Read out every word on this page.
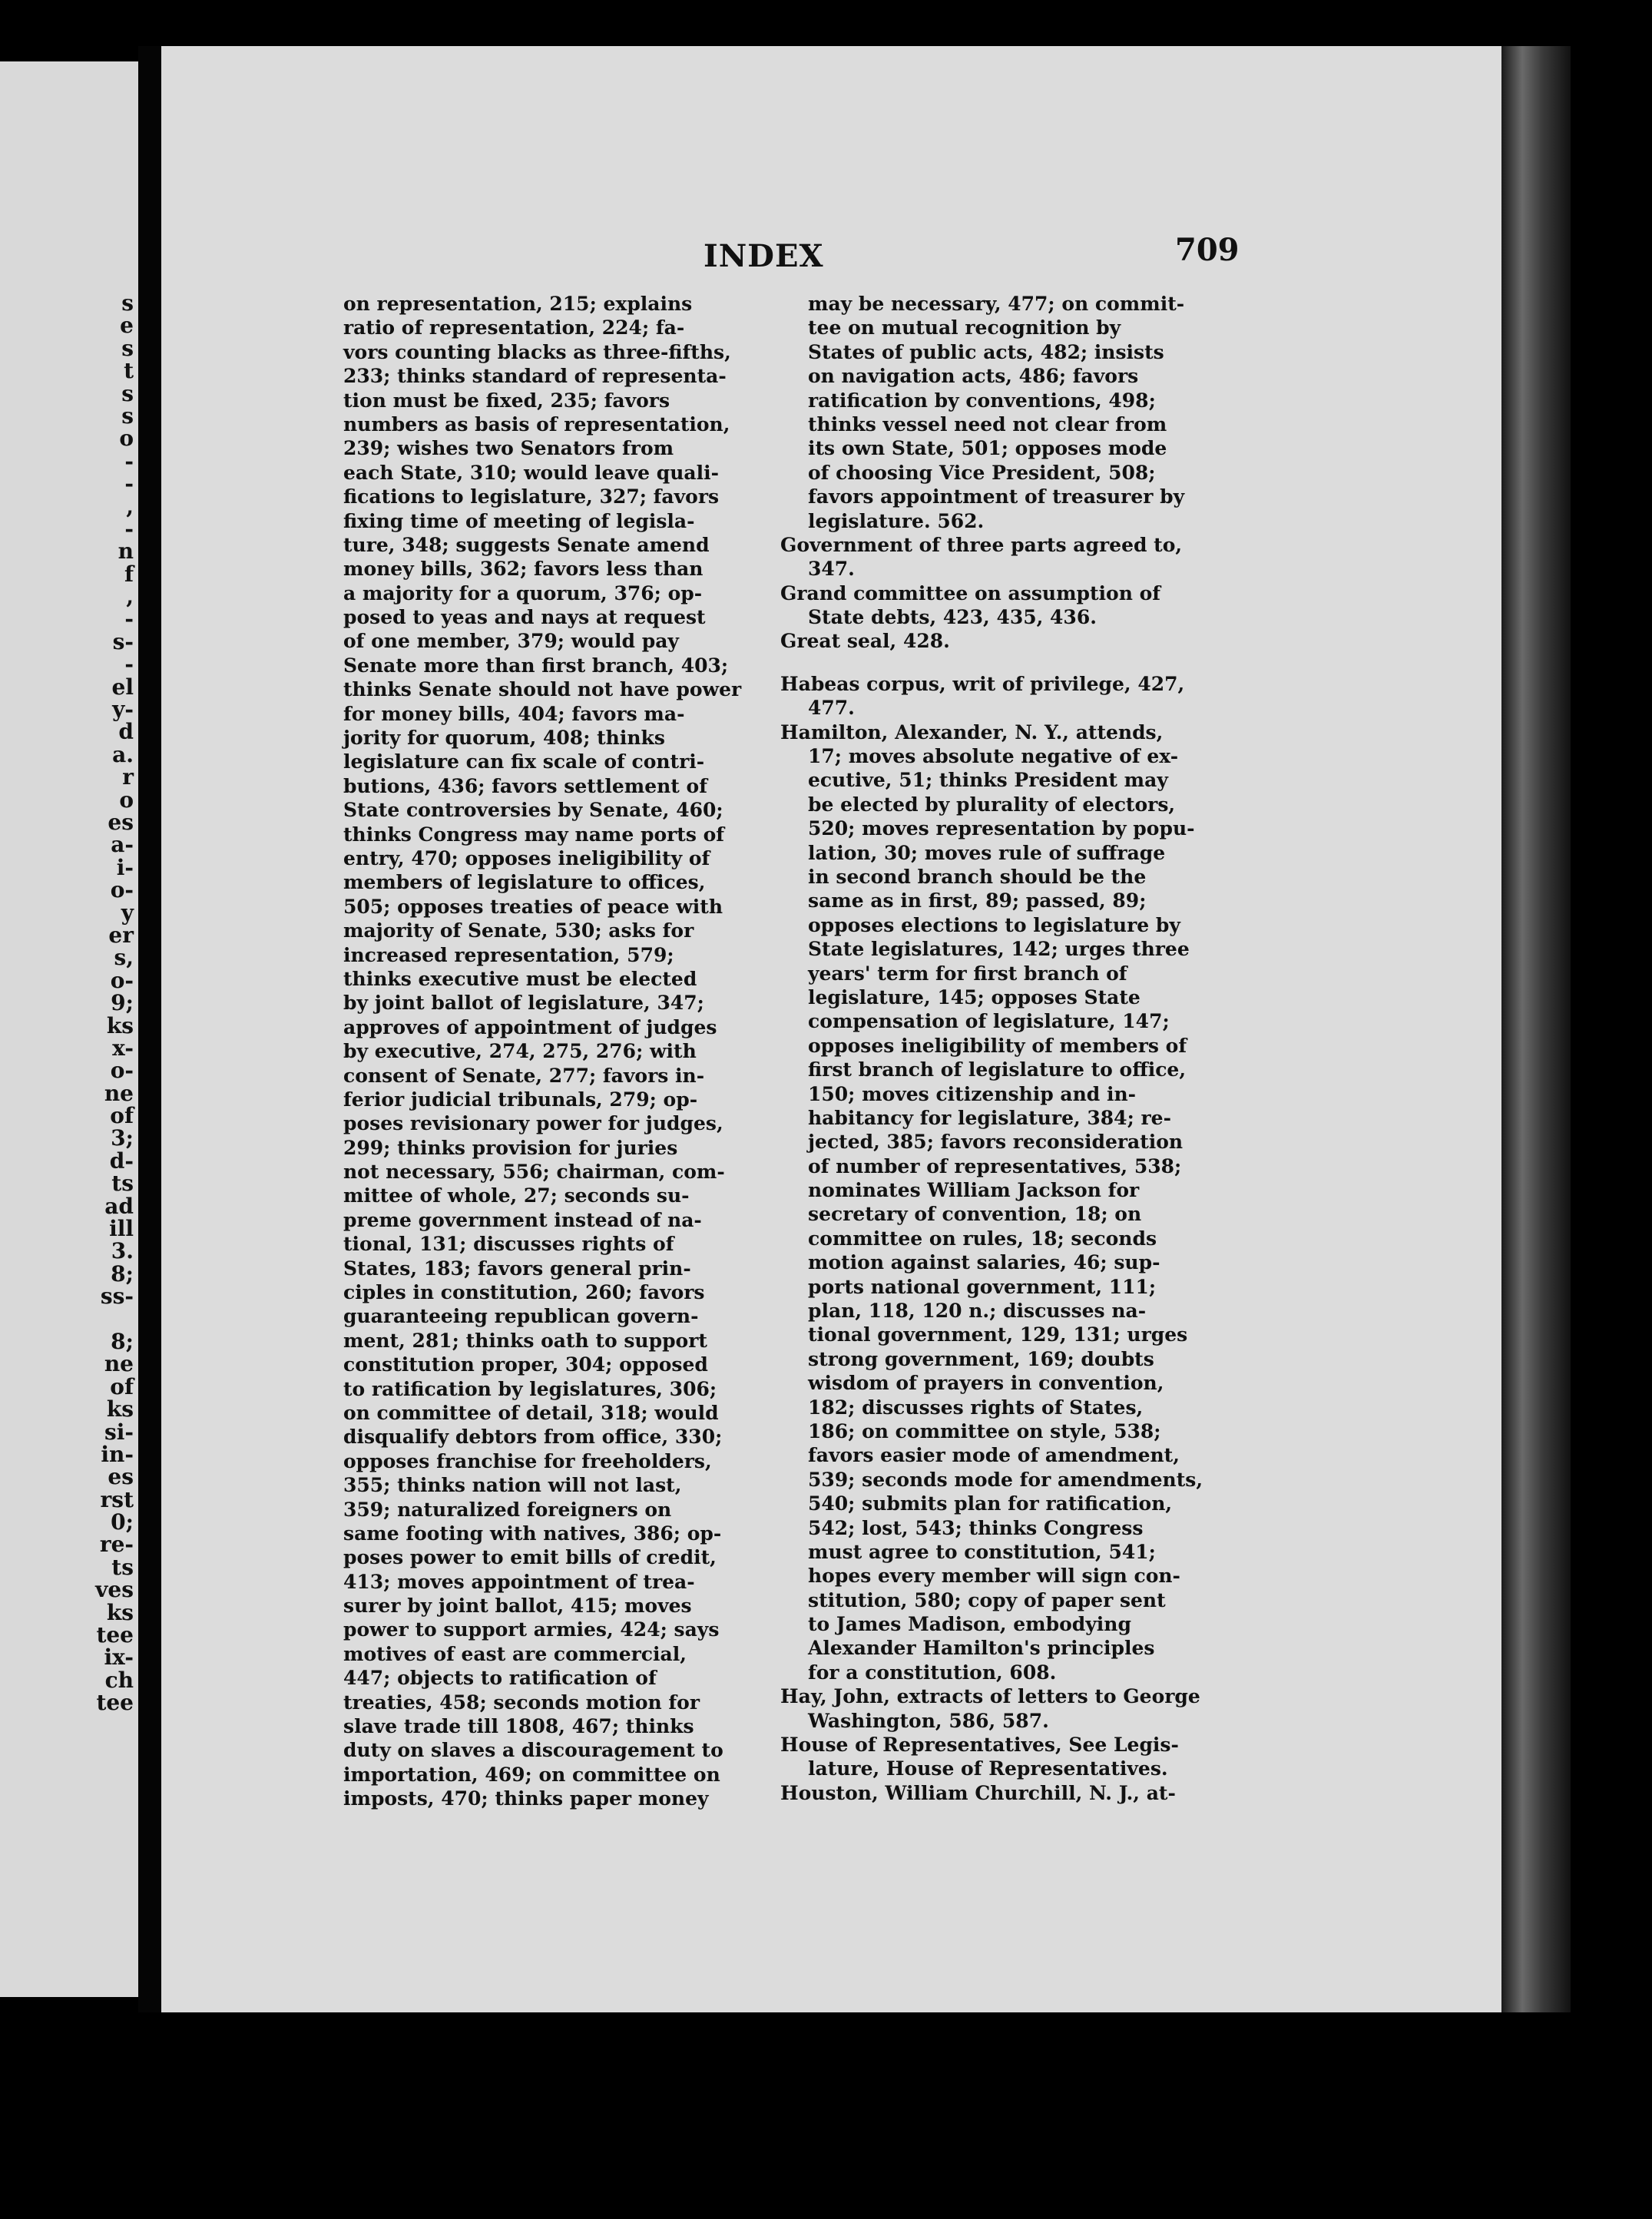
s
e
s
t
s
s
o
-
-
,
-
n
f
,
-
s-
-
el
y-
d
a.
r
o
es
a-
i-
o-
y
er
s,
o-
9;
ks
x-
o-
ne
of
3;
d-
ts
ad
ill
3.
8;
ss-
8;
ne
of
ks
si-
in-
es
rst
0;
re-
ts
ves
ks
tee
ix-
ch
tee
INDEX	709
on representation, 215; explains
ratio of representation, 224; fa-
vors counting blacks as three-fifths,
233; thinks standard of representa-
tion must be fixed, 235; favors
numbers as basis of representation,
239; wishes two Senators from
each State, 310; would leave quali-
fications to legislature, 327; favors
fixing time of meeting of legisla-
ture, 348; suggests Senate amend
money bills, 362; favors less than
a majority for a quorum, 376; op-
posed to yeas and nays at request
of one member, 379; would pay
Senate more than first branch, 403;
thinks Senate should not have power
for money bills, 404; favors ma-
jority for quorum, 408; thinks
legislature can fix scale of contri-
butions, 436; favors settlement of
State controversies by Senate, 460;
thinks Congress may name ports of
entry, 470; opposes ineligibility of
members of legislature to offices,
505; opposes treaties of peace with
majority of Senate, 530; asks for
increased representation, 579;
thinks executive must be elected
by joint ballot of legislature, 347;
approves of appointment of judges
by executive, 274, 275, 276; with
consent of Senate, 277; favors in-
ferior judicial tribunals, 279; op-
poses revisionary power for judges,
299; thinks provision for juries
not necessary, 556; chairman, com-
mittee of whole, 27; seconds su-
preme government instead of na-
tional, 131; discusses rights of
States, 183; favors general prin-
ciples in constitution, 260; favors
guaranteeing republican govern-
ment, 281; thinks oath to support
constitution proper, 304; opposed
to ratification by legislatures, 306;
on committee of detail, 318; would
disqualify debtors from office, 330;
opposes franchise for freeholders,
355; thinks nation will not last,
359; naturalized foreigners on
same footing with natives, 386; op-
poses power to emit bills of credit,
413; moves appointment of trea-
surer by joint ballot, 415; moves
power to support armies, 424; says
motives of east are commercial,
447; objects to ratification of
treaties, 458; seconds motion for
slave trade till 1808, 467; thinks
duty on slaves a discouragement to
importation, 469; on committee on
imposts, 470; thinks paper money
may be necessary, 477; on commit-
tee on mutual recognition by
States of public acts, 482; insists
on navigation acts, 486; favors
ratification by conventions, 498;
thinks vessel need not clear from
its own State, 501; opposes mode
of choosing Vice President, 508;
favors appointment of treasurer by
legislature. 562.
Government of three parts agreed to,
347.
Grand committee on assumption of
State debts, 423, 435, 436.
Great seal, 428.
Habeas corpus, writ of privilege, 427,
477.
Hamilton, Alexander, N. Y., attends,
17; moves absolute negative of ex-
ecutive, 51; thinks President may
be elected by plurality of electors,
520; moves representation by popu-
lation, 30; moves rule of suffrage
in second branch should be the
same as in first, 89; passed, 89;
opposes elections to legislature by
State legislatures, 142; urges three
years' term for first branch of
legislature, 145; opposes State
compensation of legislature, 147;
opposes ineligibility of members of
first branch of legislature to office,
150; moves citizenship and in-
habitancy for legislature, 384; re-
jected, 385; favors reconsideration
of number of representatives, 538;
nominates William Jackson for
secretary of convention, 18; on
committee on rules, 18; seconds
motion against salaries, 46; sup-
ports national government, 111;
plan, 118, 120 n.; discusses na-
tional government, 129, 131; urges
strong government, 169; doubts
wisdom of prayers in convention,
182; discusses rights of States,
186; on committee on style, 538;
favors easier mode of amendment,
539; seconds mode for amendments,
540; submits plan for ratification,
542; lost, 543; thinks Congress
must agree to constitution, 541;
hopes every member will sign con-
stitution, 580; copy of paper sent
to James Madison, embodying
Alexander Hamilton's principles
for a constitution, 608.
Hay, John, extracts of letters to George
Washington, 586, 587.
House of Representatives, See Legis-
lature, House of Representatives.
Houston, William Churchill, N. J., at-
